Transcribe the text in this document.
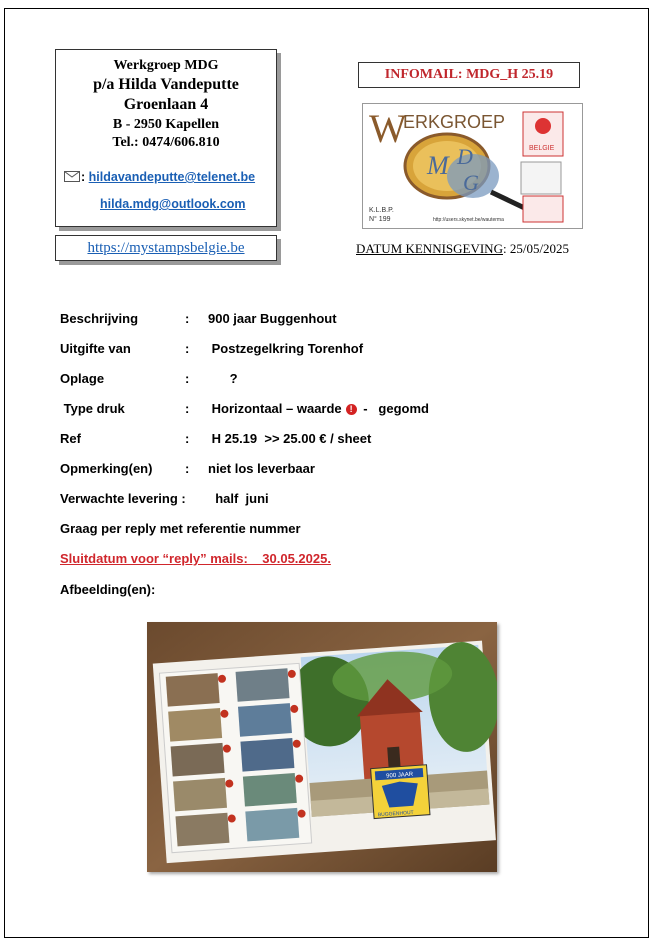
Werkgroep MDG
p/a Hilda Vandeputte
Groenlaan 4
B - 2950 Kapellen
Tel.: 0474/606.810
: hildavandeputte@telenet.be
hilda.mdg@outlook.com
https://mystampsbelgie.be
INFOMAIL: MDG_H 25.19
W
ERKGROEP
M D
G
BELGIE
K.L.B.P.
N° 199	http://users.skynet.be/wauterma
DATUM KENNISGEVING: 25/05/2025
Beschrijving	: 900 jaar Buggenhout
Uitgifte van	: Postzegelkring Torenhof
Oplage	: ?
Type druk	: Horizontaal – waarde ! -   gegomd
Ref	: H 25.19  >> 25.00 € / sheet
Opmerking(en)	: niet los leverbaar
Verwachte levering : half  juni
Graag per reply met referentie nummer
Sluitdatum voor “reply” mails:    30.05.2025.
Afbeelding(en):
900 JAAR
BUGGENHOUT
